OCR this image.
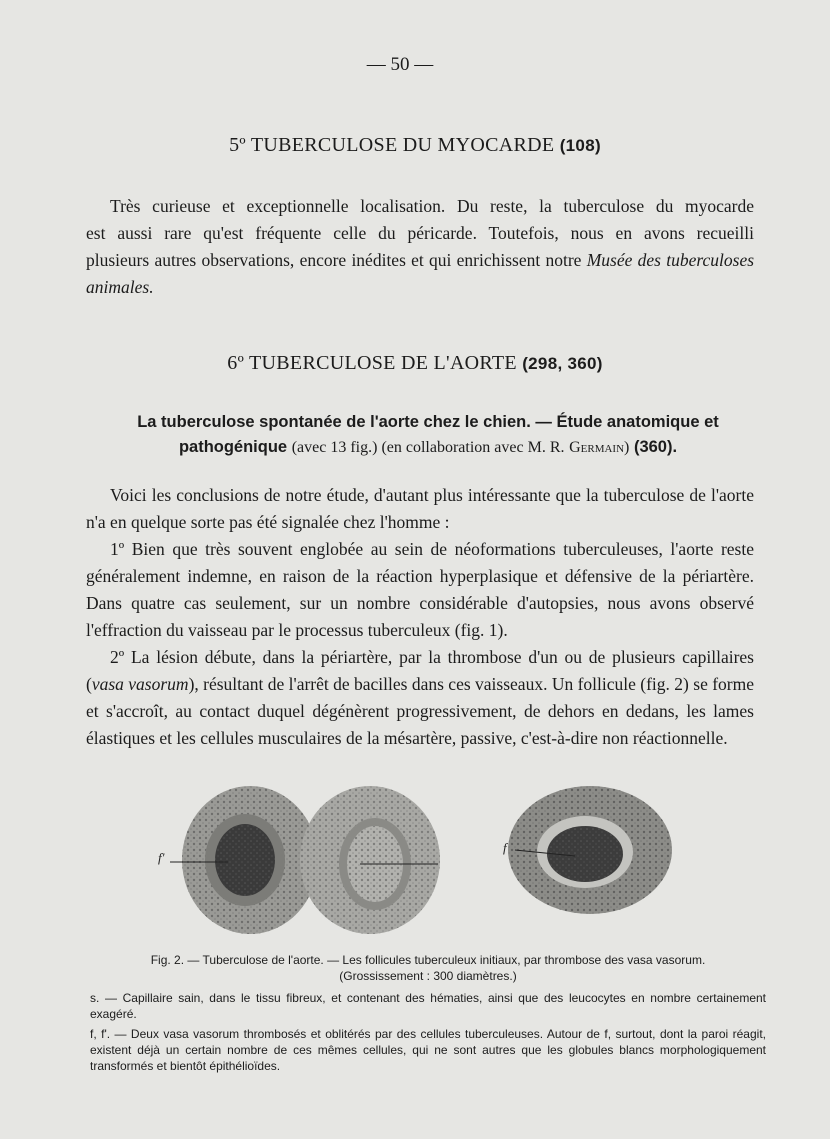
— 50 —
5º TUBERCULOSE DU MYOCARDE (108)
Très curieuse et exceptionnelle localisation. Du reste, la tuberculose du myocarde
est aussi rare qu'est fréquente celle du péricarde. Toutefois, nous en avons recueilli
plusieurs autres observations, encore inédites et qui enrichissent notre Musée des tuberculoses animales.
6º TUBERCULOSE DE L'AORTE (298, 360)
La tuberculose spontanée de l'aorte chez le chien. — Étude anatomique et pathogénique (avec 13 fig.) (en collaboration avec M. R. Germain) (360).

Voici les conclusions de notre étude, d'autant plus intéressante que la tuberculose de l'aorte n'a en quelque sorte pas été signalée chez l'homme :

1º Bien que très souvent englobée au sein de néoformations tuberculeuses, l'aorte reste généralement indemne, en raison de la réaction hyperplasique et défensive de la périartère. Dans quatre cas seulement, sur un nombre considérable d'autopsies, nous avons observé l'effraction du vaisseau par le processus tuberculeux (fig. 1).

2º La lésion débute, dans la périartère, par la thrombose d'un ou de plusieurs capillaires (vasa vasorum), résultant de l'arrêt de bacilles dans ces vaisseaux. Un follicule (fig. 2) se forme et s'accroît, au contact duquel dégénèrent progressivement, de dehors en dedans, les lames élastiques et les cellules musculaires de la mésartère, passive, c'est-à-dire non réactionnelle.

f'
f

Fig. 2. — Tuberculose de l'aorte. — Les follicules tuberculeux initiaux, par thrombose des vasa vasorum.

(Grossissement : 300 diamètres.)

s. — Capillaire sain, dans le tissu fibreux, et contenant des hématies, ainsi que des leucocytes en nombre certainement exagéré.

f, f'. — Deux vasa vasorum thrombosés et oblitérés par des cellules tuberculeuses. Autour de f, surtout, dont la paroi réagit, existent déjà un certain nombre de ces mêmes cellules, qui ne sont autres que les globules blancs morphologiquement transformés et bientôt épithélioïdes.
